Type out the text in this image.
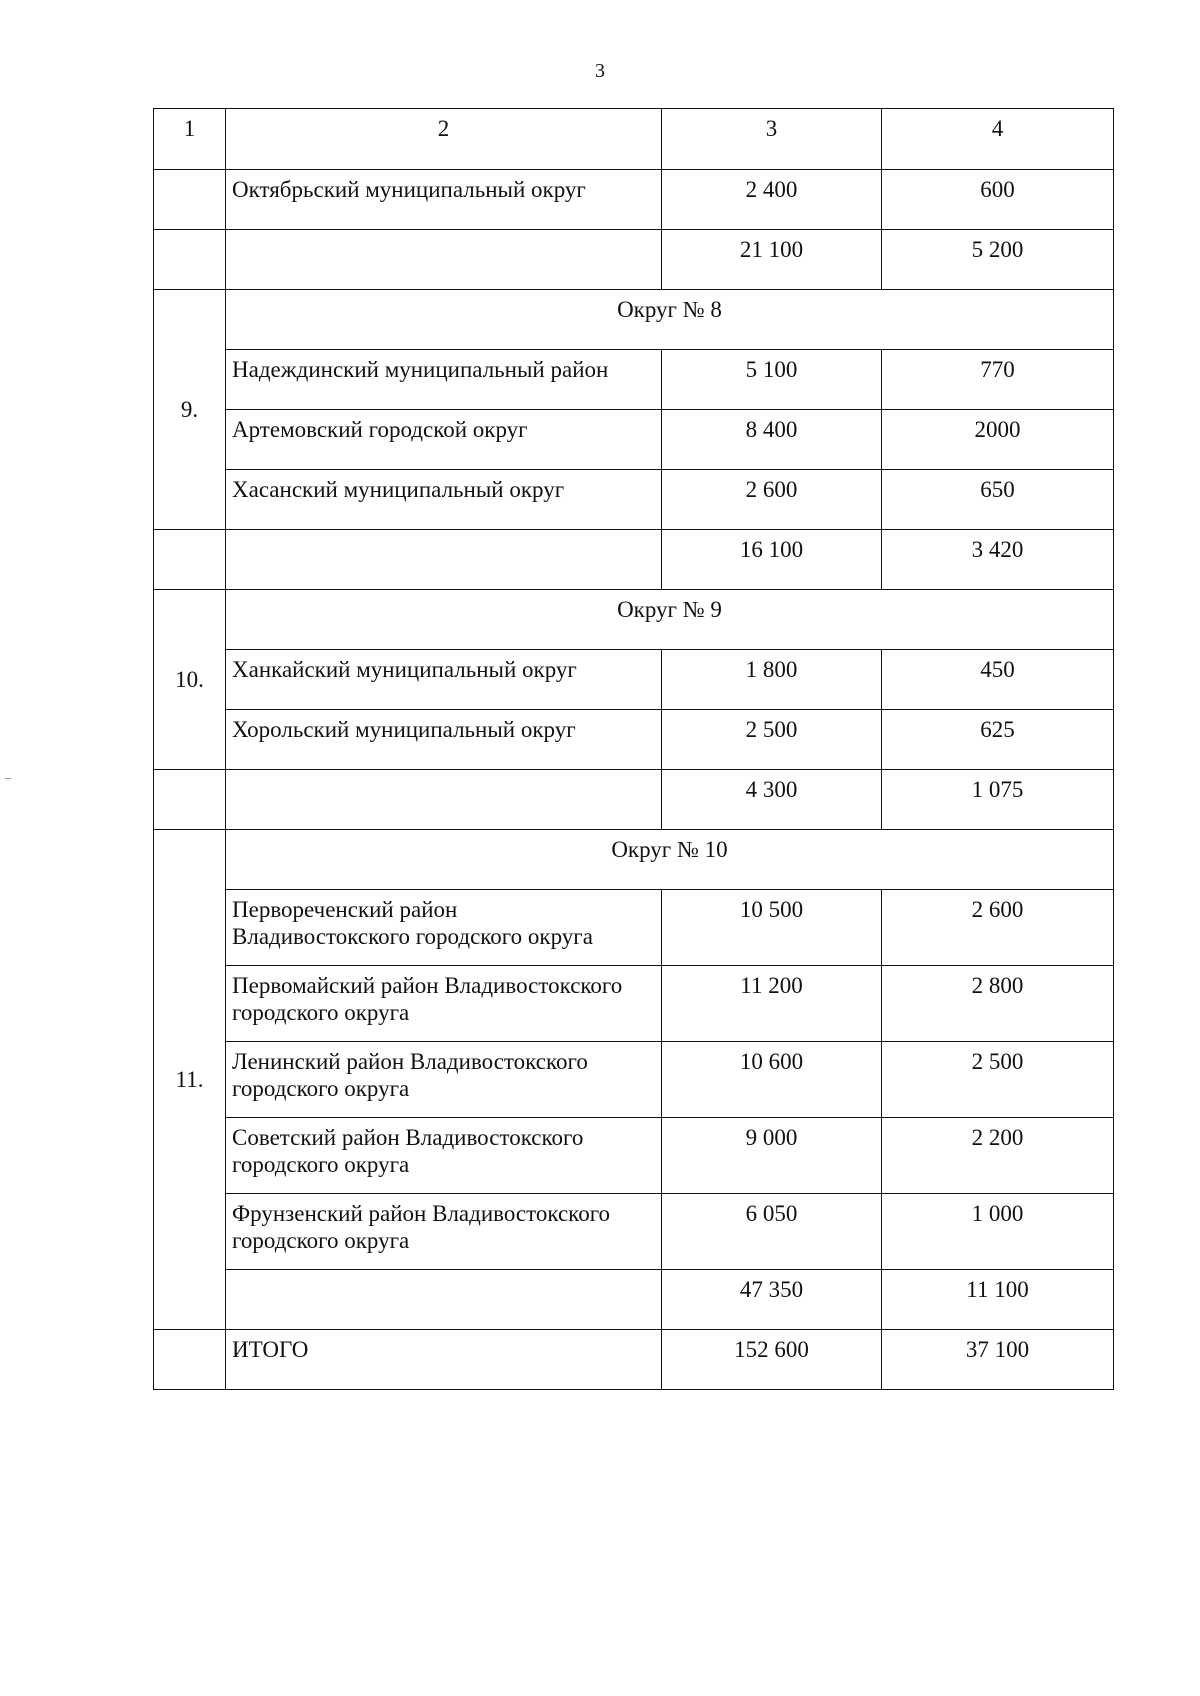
3
1	2	3	4
	Октябрьский муниципальный округ	2 400	600
		21 100	5 200
9.	Округ № 8		
	Надеждинский муниципальный район	5 100	770
	Артемовский городской округ	8 400	2000
	Хасанский муниципальный округ	2 600	650
		16 100	3 420
10.	Округ № 9		
	Ханкайский муниципальный округ	1 800	450
	Хорольский муниципальный округ	2 500	625
		4 300	1 075
11.	Округ № 10		
	Первореченский район
Владивостокского городского округа	10 500	2 600
	Первомайский район Владивостокского
городского округа	11 200	2 800
	Ленинский район Владивостокского
городского округа	10 600	2 500
	Советский район Владивостокского
городского округа	9 000	2 200
	Фрунзенский район Владивостокского
городского округа	6 050	1 000
		47 350	11 100
	ИТОГО	152 600	37 100
